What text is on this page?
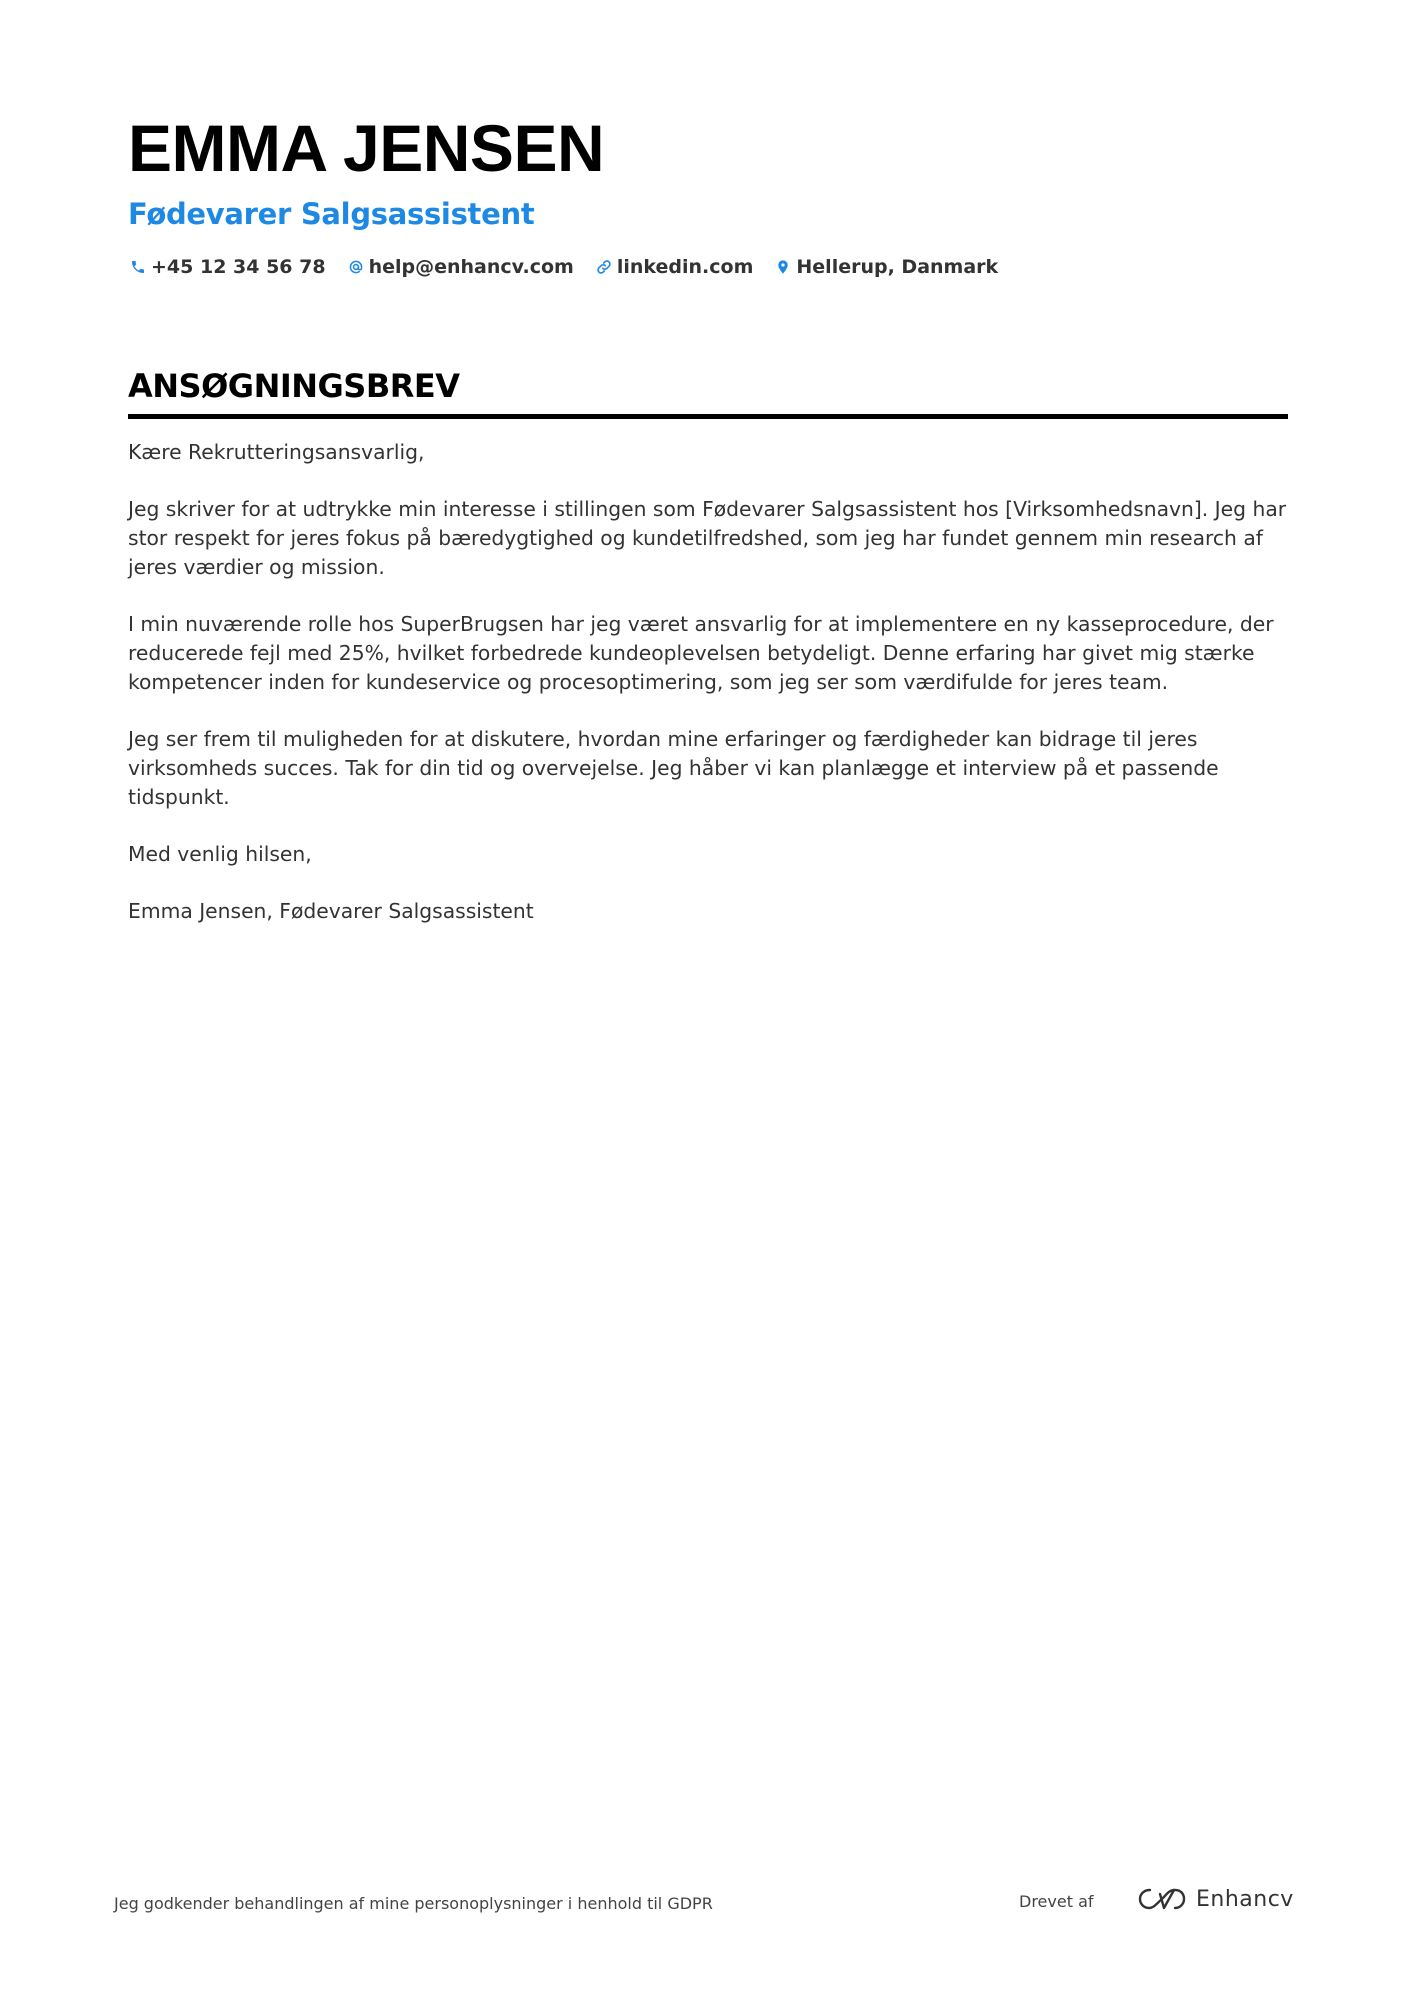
EMMA JENSEN
Fødevarer Salgsassistent
+45 12 34 56 78 help@enhancv.com linkedin.com Hellerup, Danmark
ANSØGNINGSBREV

Kære Rekrutteringsansvarlig,

Jeg skriver for at udtrykke min interesse i stillingen som Fødevarer Salgsassistent hos [Virksomhedsnavn]. Jeg har stor respekt for jeres fokus på bæredygtighed og kundetilfredshed, som jeg har fundet gennem min research af jeres værdier og mission.

I min nuværende rolle hos SuperBrugsen har jeg været ansvarlig for at implementere en ny kasseprocedure, der reducerede fejl med 25%, hvilket forbedrede kundeoplevelsen betydeligt. Denne erfaring har givet mig stærke kompetencer inden for kundeservice og procesoptimering, som jeg ser som værdifulde for jeres team.

Jeg ser frem til muligheden for at diskutere, hvordan mine erfaringer og færdigheder kan bidrage til jeres virksomheds succes. Tak for din tid og overvejelse. Jeg håber vi kan planlægge et interview på et passende tidspunkt.

Med venlig hilsen,

Emma Jensen, Fødevarer Salgsassistent

Jeg godkender behandlingen af mine personoplysninger i henhold til GDPR	Drevet af	Enhancv
